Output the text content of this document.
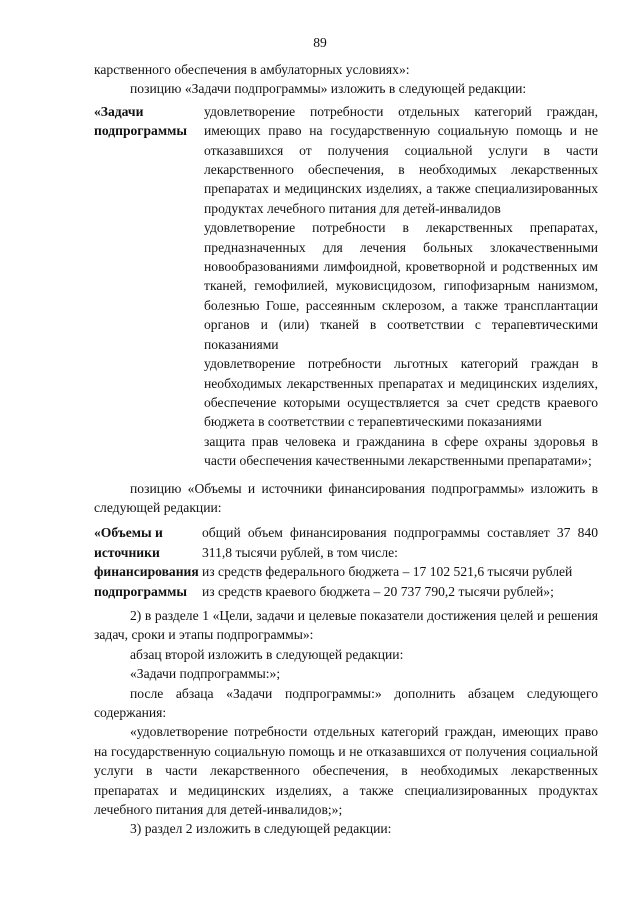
89
карственного обеспечения в амбулаторных условиях»:
позицию «Задачи подпрограммы» изложить в следующей редакции:
«Задачи подпрограммы
удовлетворение потребности отдельных категорий граждан, имеющих право на государственную социальную помощь и не отказавшихся от получения социальной услуги в части лекарственного обеспечения, в необходимых лекарственных препаратах и медицинских изделиях, а также специализированных продуктах лечебного питания для детей-инвалидов
удовлетворение потребности в лекарственных препаратах, предназначенных для лечения больных злокачественными новообразованиями лимфоидной, кроветворной и родственных им тканей, гемофилией, муковисцидозом, гипофизарным нанизмом, болезнью Гоше, рассеянным склерозом, а также трансплантации органов и (или) тканей в соответствии с терапевтическими показаниями
удовлетворение потребности льготных категорий граждан в необходимых лекарственных препаратах и медицинских изделиях, обеспечение которыми осуществляется за счет средств краевого бюджета в соответствии с терапевтическими показаниями
защита прав человека и гражданина в сфере охраны здоровья в части обеспечения качественными лекарственными препаратами»;
позицию «Объемы и источники финансирования подпрограммы» изложить в следующей редакции:
«Объемы и источники финансирования подпрограммы
общий объем финансирования подпрограммы составляет 37 840 311,8 тысячи рублей, в том числе:
из средств федерального бюджета – 17 102 521,6 тысячи рублей
из средств краевого бюджета – 20 737 790,2 тысячи рублей»;
2) в разделе 1 «Цели, задачи и целевые показатели достижения целей и решения задач, сроки и этапы подпрограммы»:
абзац второй изложить в следующей редакции:
«Задачи подпрограммы:»;
после абзаца «Задачи подпрограммы:» дополнить абзацем следующего содержания:
«удовлетворение потребности отдельных категорий граждан, имеющих право на государственную социальную помощь и не отказавшихся от получения социальной услуги в части лекарственного обеспечения, в необходимых лекарственных препаратах и медицинских изделиях, а также специализированных продуктах лечебного питания для детей-инвалидов;»;
3) раздел 2 изложить в следующей редакции:
